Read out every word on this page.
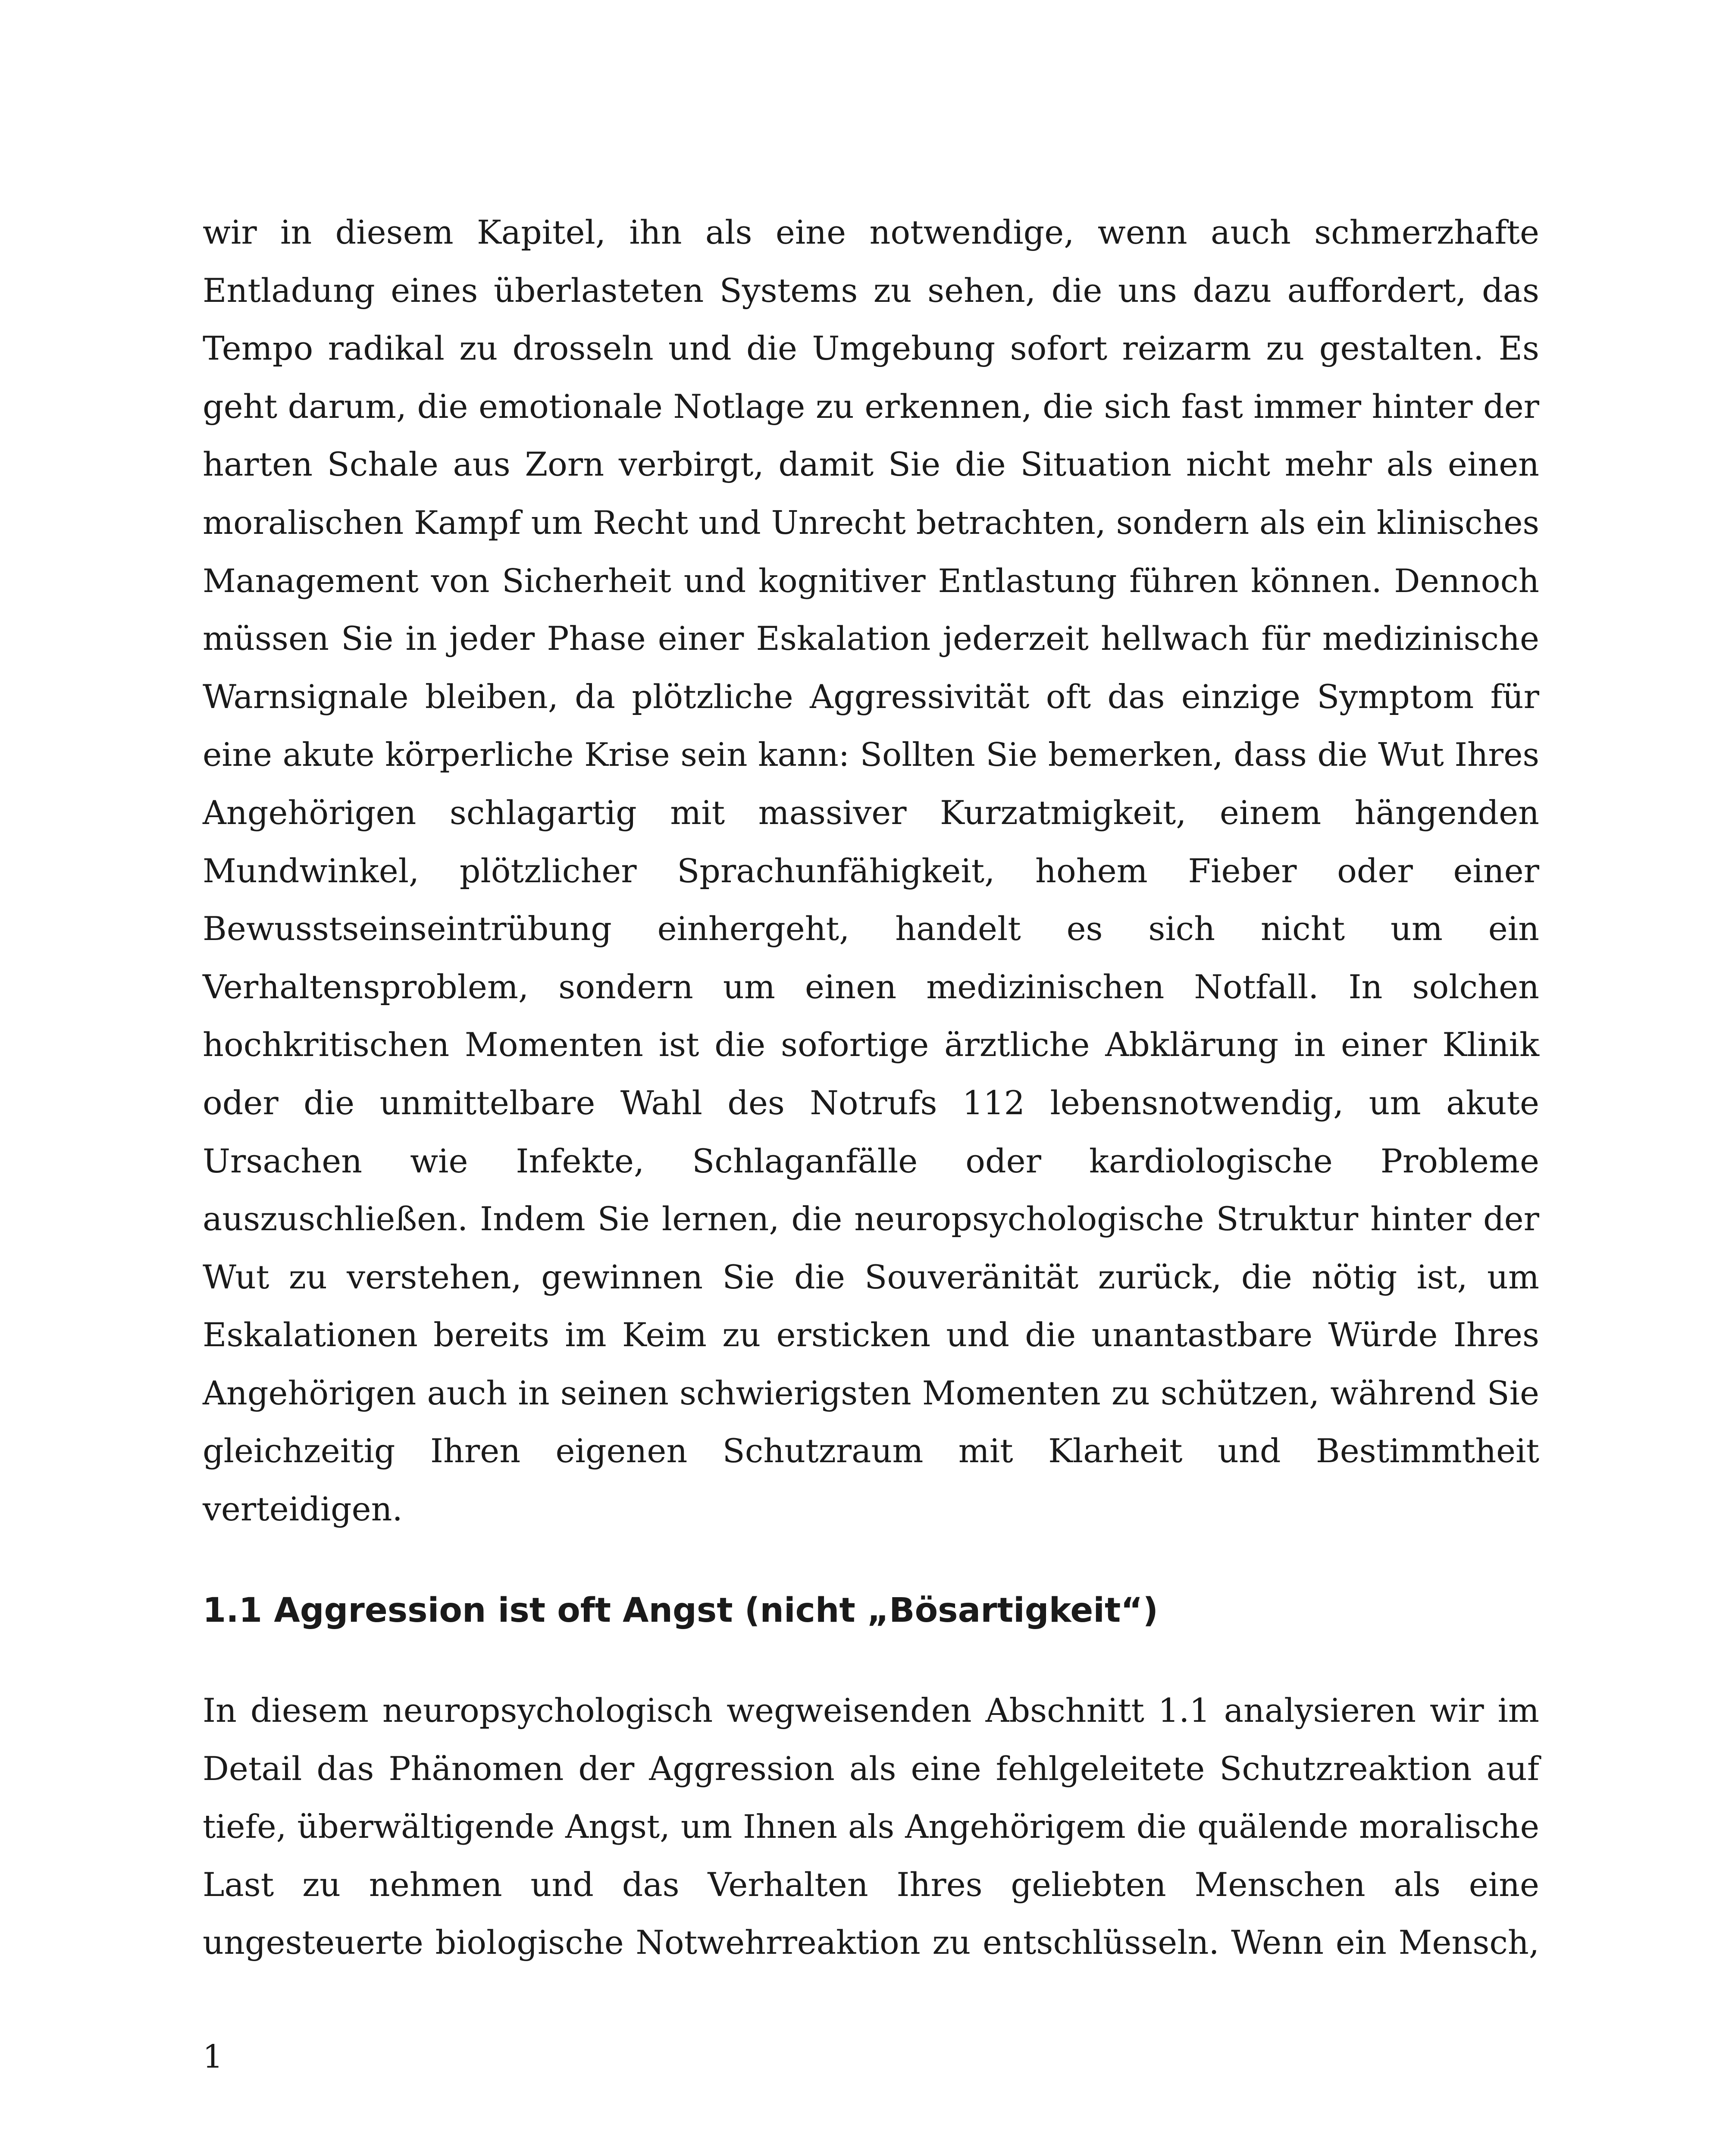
wir in diesem Kapitel, ihn als eine notwendige, wenn auch schmerzhafte
Entladung eines überlasteten Systems zu sehen, die uns dazu auffordert, das
Tempo radikal zu drosseln und die Umgebung sofort reizarm zu gestalten. Es
geht darum, die emotionale Notlage zu erkennen, die sich fast immer hinter der
harten Schale aus Zorn verbirgt, damit Sie die Situation nicht mehr als einen
moralischen Kampf um Recht und Unrecht betrachten, sondern als ein klinisches
Management von Sicherheit und kognitiver Entlastung führen können. Dennoch
müssen Sie in jeder Phase einer Eskalation jederzeit hellwach für medizinische
Warnsignale bleiben, da plötzliche Aggressivität oft das einzige Symptom für
eine akute körperliche Krise sein kann: Sollten Sie bemerken, dass die Wut Ihres
Angehörigen schlagartig mit massiver Kurzatmigkeit, einem hängenden
Mundwinkel, plötzlicher Sprachunfähigkeit, hohem Fieber oder einer
Bewusstseinseintrübung einhergeht, handelt es sich nicht um ein
Verhaltensproblem, sondern um einen medizinischen Notfall. In solchen
hochkritischen Momenten ist die sofortige ärztliche Abklärung in einer Klinik
oder die unmittelbare Wahl des Notrufs 112 lebensnotwendig, um akute
Ursachen wie Infekte, Schlaganfälle oder kardiologische Probleme
auszuschließen. Indem Sie lernen, die neuropsychologische Struktur hinter der
Wut zu verstehen, gewinnen Sie die Souveränität zurück, die nötig ist, um
Eskalationen bereits im Keim zu ersticken und die unantastbare Würde Ihres
Angehörigen auch in seinen schwierigsten Momenten zu schützen, während Sie
gleichzeitig Ihren eigenen Schutzraum mit Klarheit und Bestimmtheit
verteidigen.
1.1 Aggression ist oft Angst (nicht „Bösartigkeit“)
In diesem neuropsychologisch wegweisenden Abschnitt 1.1 analysieren wir im
Detail das Phänomen der Aggression als eine fehlgeleitete Schutzreaktion auf
tiefe, überwältigende Angst, um Ihnen als Angehörigem die quälende moralische
Last zu nehmen und das Verhalten Ihres geliebten Menschen als eine
ungesteuerte biologische Notwehrreaktion zu entschlüsseln. Wenn ein Mensch,
1
